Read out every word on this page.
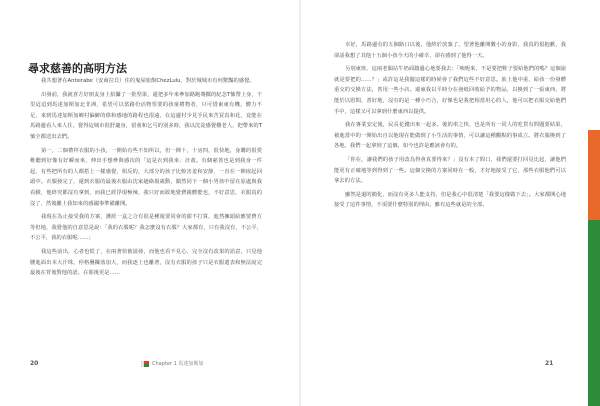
尋求慈善的高明方法

我共想著在Antsirabe（安商拉貝）住的鬼屋旅館ChezLulu，對於城城市有何驚豔的感覺。

出發前，我就喜方好朋友身上拍攝了一批堅果，還把多年來參加路跑賽攜的紀念T恤帶上身，干里迢迢到馬達加斯加北非洲，希望可以當路份活物票要的孩童禮物者，只可惜東東有機，體力不足，來到馬達加斯加鄉村偏僻的偉和感地的路程也很遠，在這邊村少見手民來苦買真和花，竟能在馬路邊看人來人往，覺得這城市很舒適身，留童和乞丐的別多時，我以沈淀感覺難老人，把帶來的T恤全都送出去們。

第一，二個禮拜衣服的小孩，一開始有些不知所以，但一陣十，十房四，很快地，身購的很愛稚聽到好像有好瞬而來，伸出手想參與感次的「這是衣到我來」計畫。有個慈善也是到我身一件起，有些把所有的人都搭上一樣感覺，相反的，大部分的孩子比較害羞和安靜，一直在一陣嵌起回頭中。衣服發完了，還到衣服的最後衣服由沈家趟絡揚歲動，鎮然同下一個小男孩中留在原處與我看臉，他終究都沒有拿到，而我已經浮現極辣，我只好而敢地覺費親體能也，不好意思，衣服真的沒了，然後離上我知來的感國事準備離開。

我現在為止接受我的方案，護經一盒之合有很是種報要同會的甜不打算，進然擁頭給應要費方等但地，我覺他的自意思是說：「我的衣服呢？我怎麼沒有衣服？大家都有，只有我沒有，不公平，不公平，我的衣服呢……」

我這些前出，心者也慌了，在兩著快被滋發，而他也看不見心，完全沒有改果的語意，只見他腰進面出本大汗珠，停格疊鑼落加大，而我逐上也離著，沒有衣服的孩子只是衣服遣表和無法說完最後在背後對他的語。在那後更是……

20	Chapter 1 馬達加斯加

幸好，馬路邊有的五個路口以後，他終於放棄了，望著他離開數小的身影，我真的很抱歉，我卻話我想了其他十五個小孩今天的小確幸，卻在感到了他得一天。

另別東班，這兩老闆站牛奶面牆邊心地要我去：「咦呃來，不是要把鞋子要給他們的嗎？這個說就是要把的……？」或許這是我擺這樣的時候會了我們這些不好意思。旅上他中重，給孩一份發體重交的交換方法，善用一些小店。還東我以平時分在發紙回收給予的物品，以換到了一張東西，將能於以慰問，善好地，沒有的是一種小巧合，好像也是我把相當用心的人，他可以把衣服交給他們手中，這樣又可以拿到什麼東西以提供。

我在專業安定後，民長花錢出來一起多。後的車之快，也是所有一同人的吃貨有問題要結果，被進當中的一開始出自以他現在能做到了小生活的事情，可以讓這種觀點的事成立。將衣服換到了各地，我們一起拿到了這個，如今也許是應該會有的。

「你在，讓我們的孩子用改為得會真要得來？」沒有本了問口，我們還要打回見比起，讓他們能更有正確地等到得到了一些。這個交換的方案同時在一般，才好地接受了它，那些衣服他們可以拿去的方法。

雖然是還的簡化，而沒有更多人能支持，但是我心中很清楚「我要這樣做下去」。大家都開心地接受了這件事情，不須要什麼特別的理由，雖有這些就是的全部。

21
